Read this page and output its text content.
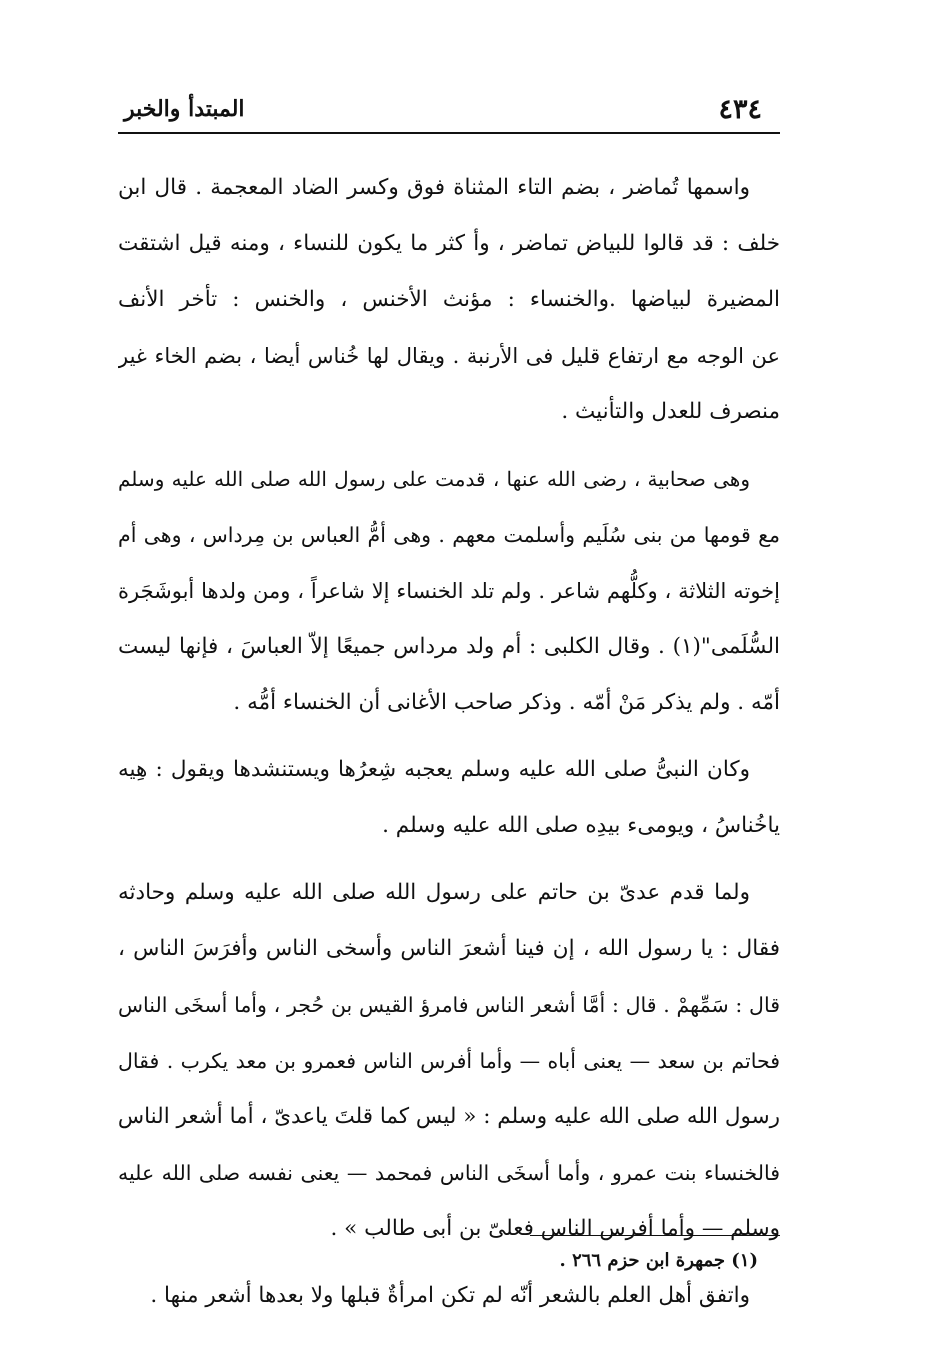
٤٣٤
المبتدأ والخبر

واسمها تُماضر ، بضم التاء المثناة فوق وكسر الضاد المعجمة . قال ابن
خلف : قد قالوا للبياض تماضر ، وأ كثر ما يكون للنساء ، ومنه قيل اشتقت
المضيرة لبياضها .والخنساء : مؤنث الأخنس ، والخنس : تأخر الأنف
عن الوجه مع ارتفاع قليل فى الأرنبة . ويقال لها خُناس أيضا ، بضم الخاء غير
منصرف للعدل والتأنيث .

وهى صحابية ، رضى الله عنها ، قدمت على رسول الله صلى الله عليه وسلم
مع قومها من بنى سُلَيم وأسلمت معهم . وهى أمُّ العباس بن مِرداس ، وهى أم
إخوته الثلاثة ، وكلُّهم شاعر . ولم تلد الخنساء إلا شاعراً ، ومن ولدها أبوشَجَرة
السُّلَمى"(١) . وقال الكلبى : أم ولد مرداس جميعًا إلاّ العباسَ ، فإنها ليست
أمّه . ولم يذكر مَنْ أمّه . وذكر صاحب الأغانى أن الخنساء أمُّه .

وكان النبىُّ صلى الله عليه وسلم يعجبه شِعرُها ويستنشدها ويقول : هِيه
ياخُناسُ ، ويومىء بيدِه صلى الله عليه وسلم .

ولما قدم عدىّ بن حاتم على رسول الله صلى الله عليه وسلم وحادثه
فقال : يا رسول الله ، إن فينا أشعرَ الناس وأسخى الناس وأفرَسَ الناس ،
قال : سَمِّهمْ . قال : أمَّا أشعر الناس فامرؤ القيس بن حُجر ، وأما أسخَى الناس
فحاتم بن سعد — يعنى أباه — وأما أفرس الناس فعمرو بن معد يكرب . فقال
رسول الله صلى الله عليه وسلم : « ليس كما قلتَ ياعدىّ ، أما أشعر الناس
فالخنساء بنت عمرو ، وأما أسخَى الناس فمحمد — يعنى نفسه صلى الله عليه
وسلم — وأما أفرس الناس فعلىّ بن أبى طالب » .

واتفق أهل العلم بالشعر أنّه لم تكن امرأةٌ قبلها ولا بعدها أشعر منها .

(١) جمهرة ابن حزم ٢٦٦ .
